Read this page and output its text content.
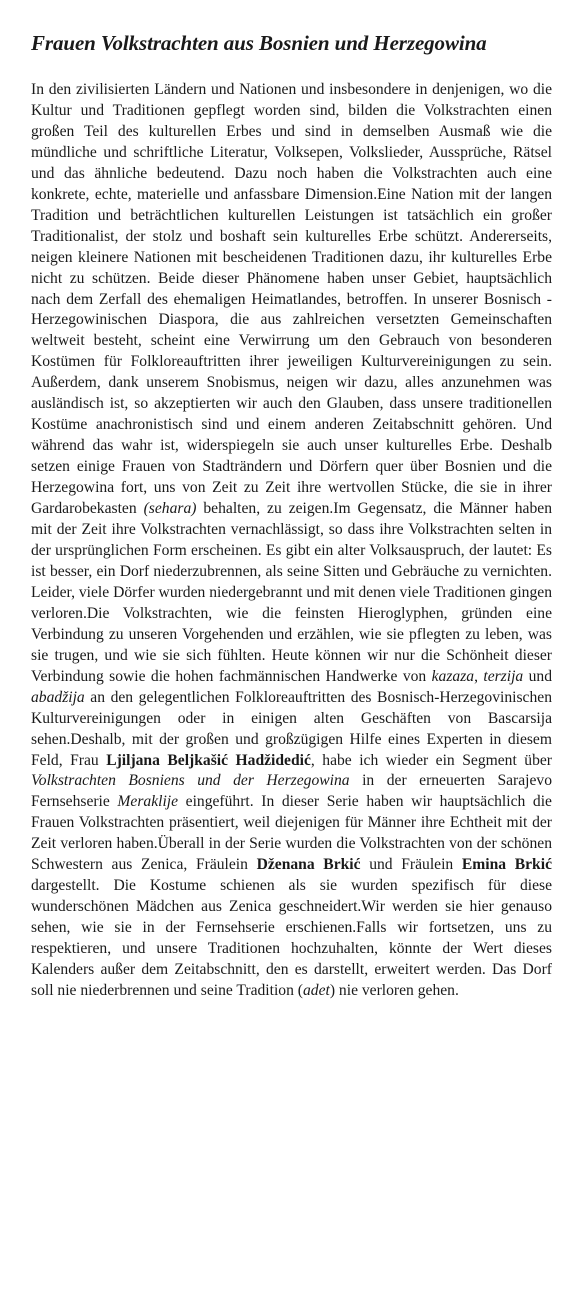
Frauen Volkstrachten aus Bosnien und Herzegowina

In den zivilisierten Ländern und Nationen und insbesondere in denjenigen, wo die Kultur und Traditionen gepflegt worden sind, bilden die Volkstrachten einen großen Teil des kulturellen Erbes und sind in demselben Ausmaß wie die mündliche und schriftliche Literatur, Volksepen, Volkslieder, Aussprüche, Rätsel und das ähnliche bedeutend. Dazu noch haben die Volkstrachten auch eine konkrete, echte, materielle und anfassbare Dimension.Eine Nation mit der langen Tradition und beträchtlichen kulturellen Leistungen ist tatsächlich ein großer Traditionalist, der stolz und boshaft sein kulturelles Erbe schützt. Andererseits, neigen kleinere Nationen mit bescheidenen Traditionen dazu, ihr kulturelles Erbe nicht zu schützen. Beide dieser Phänomene haben unser Gebiet, hauptsächlich nach dem Zerfall des ehemaligen Heimatlandes, betroffen. In unserer Bosnisch - Herzegowinischen Diaspora, die aus zahlreichen versetzten Gemeinschaften weltweit besteht, scheint eine Verwirrung um den Gebrauch von besonderen Kostümen für Folkloreauftritten ihrer jeweiligen Kulturvereinigungen zu sein. Außerdem, dank unserem Snobismus, neigen wir dazu, alles anzunehmen was ausländisch ist, so akzeptierten wir auch den Glauben, dass unsere traditionellen Kostüme anachronistisch sind und einem anderen Zeitabschnitt gehören. Und während das wahr ist, widerspiegeln sie auch unser kulturelles Erbe. Deshalb setzen einige Frauen von Stadträndern und Dörfern quer über Bosnien und die Herzegowina fort, uns von Zeit zu Zeit ihre wertvollen Stücke, die sie in ihrer Gardarobekasten (sehara) behalten, zu zeigen.Im Gegensatz, die Männer haben mit der Zeit ihre Volkstrachten vernachlässigt, so dass ihre Volkstrachten selten in der ursprünglichen Form erscheinen. Es gibt ein alter Volksauspruch, der lautet: Es ist besser, ein Dorf niederzubrennen, als seine Sitten und Gebräuche zu vernichten. Leider, viele Dörfer wurden niedergebrannt und mit denen viele Traditionen gingen verloren.Die Volkstrachten, wie die feinsten Hieroglyphen, gründen eine Verbindung zu unseren Vorgehenden und erzählen, wie sie pflegten zu leben, was sie trugen, und wie sie sich fühlten. Heute können wir nur die Schönheit dieser Verbindung sowie die hohen fachmännischen Handwerke von kazaza, terzija und abadžija an den gelegentlichen Folkloreauftritten des Bosnisch-Herzegovinischen Kulturvereinigungen oder in einigen alten Geschäften von Bascarsija sehen.Deshalb, mit der großen und großzügigen Hilfe eines Experten in diesem Feld, Frau Ljiljana Beljkašić Hadžidedić, habe ich wieder ein Segment über Volkstrachten Bosniens und der Herzegowina in der erneuerten Sarajevo Fernsehserie Meraklije eingeführt. In dieser Serie haben wir hauptsächlich die Frauen Volkstrachten präsentiert, weil diejenigen für Männer ihre Echtheit mit der Zeit verloren haben.Überall in der Serie wurden die Volkstrachten von der schönen Schwestern aus Zenica, Fräulein Dženana Brkić und Fräulein Emina Brkić dargestellt. Die Kostume schienen als sie wurden spezifisch für diese wunderschönen Mädchen aus Zenica geschneidert.Wir werden sie hier genauso sehen, wie sie in der Fernsehserie erschienen.Falls wir fortsetzen, uns zu respektieren, und unsere Traditionen hochzuhalten, könnte der Wert dieses Kalenders außer dem Zeitabschnitt, den es darstellt, erweitert werden. Das Dorf soll nie niederbrennen und seine Tradition (adet) nie verloren gehen.
